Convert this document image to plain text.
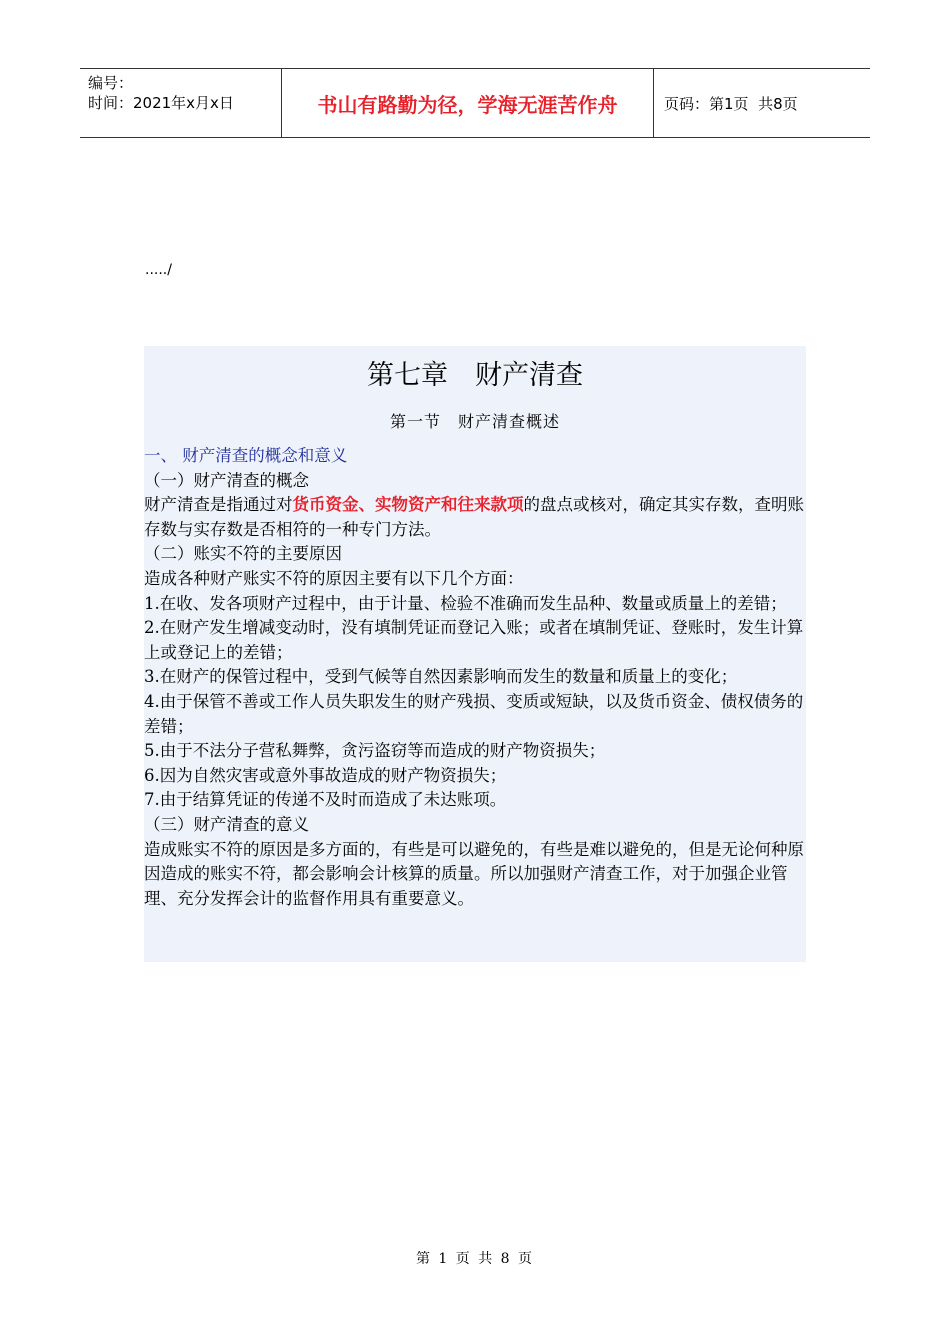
编号：
时间：2021年x月x日	书山有路勤为径，学海无涯苦作舟	页码：第1页  共8页
...../
第七章　财产清查
第一节　财产清查概述

一、 财产清查的概念和意义

（一）财产清查的概念

财产清查是指通过对货币资金、实物资产和往来款项的盘点或核对，确定其实存数，查明账存数与实存数是否相符的一种专门方法。

（二）账实不符的主要原因

造成各种财产账实不符的原因主要有以下几个方面：

1.在收、发各项财产过程中，由于计量、检验不准确而发生品种、数量或质量上的差错；

2.在财产发生增减变动时，没有填制凭证而登记入账；或者在填制凭证、登账时，发生计算上或登记上的差错；

3.在财产的保管过程中，受到气候等自然因素影响而发生的数量和质量上的变化；

4.由于保管不善或工作人员失职发生的财产残损、变质或短缺，以及货币资金、债权债务的差错；

5.由于不法分子营私舞弊，贪污盗窃等而造成的财产物资损失；

6.因为自然灾害或意外事故造成的财产物资损失；

7.由于结算凭证的传递不及时而造成了未达账项。

（三）财产清查的意义

造成账实不符的原因是多方面的，有些是可以避免的，有些是难以避免的，但是无论何种原因造成的账实不符，都会影响会计核算的质量。所以加强财产清查工作，对于加强企业管理、充分发挥会计的监督作用具有重要意义。

第 1 页 共 8 页
